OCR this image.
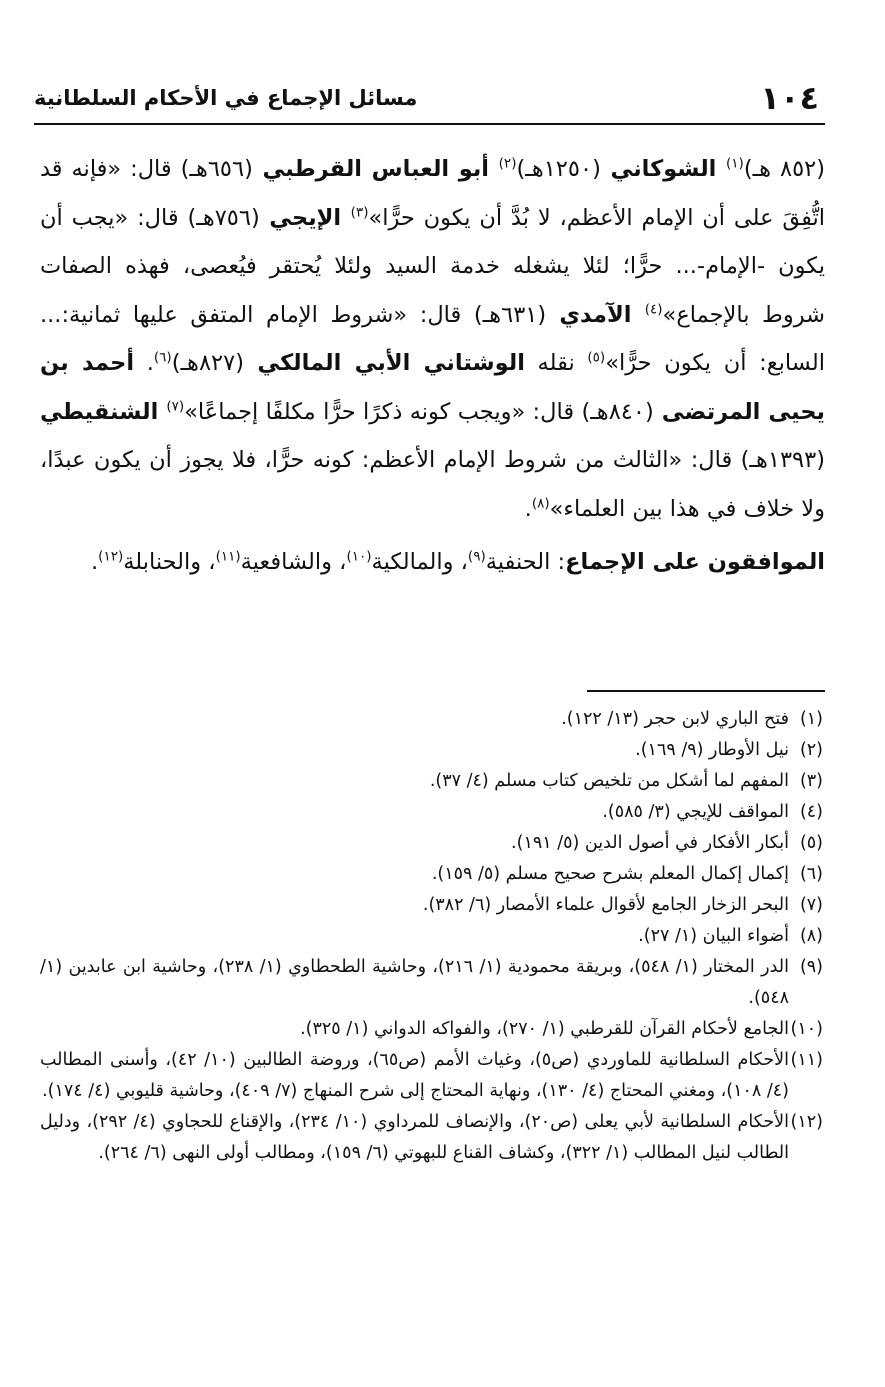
١٠٤
مسائل الإجماع في الأحكام السلطانية

(٨٥٢ هـ)$^{(١)}$ الشوكاني (١٢٥٠هـ)$^{(٢)}$ أبو العباس القرطبي (٦٥٦هـ) قال: «فإنه قد اتُّفِقَ على أن الإمام الأعظم، لا بُدَّ أن يكون حرًّا»$^{(٣)}$ الإيجي (٧٥٦هـ) قال: «يجب أن يكون -الإمام-... حرًّا؛ لئلا يشغله خدمة السيد ولئلا يُحتقر فيُعصى، فهذه الصفات شروط بالإجماع»$^{(٤)}$ الآمدي (٦٣١هـ) قال: «شروط الإمام المتفق عليها ثمانية:... السابع: أن يكون حرًّا»$^{(٥)}$ نقله الوشتاني الأبي المالكي (٨٢٧هـ)$^{(٦)}$. أحمد بن يحيى المرتضى (٨٤٠هـ) قال: «ويجب كونه ذكرًا حرًّا مكلفًا إجماعًا»$^{(٧)}$ الشنقيطي (١٣٩٣هـ) قال: «الثالث من شروط الإمام الأعظم: كونه حرًّا، فلا يجوز أن يكون عبدًا، ولا خلاف في هذا بين العلماء»$^{(٨)}$.

الموافقون على الإجماع: الحنفية$^{(٩)}$، والمالكية$^{(١٠)}$، والشافعية$^{(١١)}$، والحنابلة$^{(١٢)}$.

(١)
فتح الباري لابن حجر (١٣/ ١٢٢).
(٢)
نيل الأوطار (٩/ ١٦٩).
(٣)
المفهم لما أشكل من تلخيص كتاب مسلم (٤/ ٣٧).
(٤)
المواقف للإيجي (٣/ ٥٨٥).
(٥)
أبكار الأفكار في أصول الدين (٥/ ١٩١).
(٦)
إكمال إكمال المعلم بشرح صحيح مسلم (٥/ ١٥٩).
(٧)
البحر الزخار الجامع لأقوال علماء الأمصار (٦/ ٣٨٢).
(٨)
أضواء البيان (١/ ٢٧).
(٩)
الدر المختار (١/ ٥٤٨)، وبريقة محمودية (١/ ٢١٦)، وحاشية الطحطاوي (١/ ٢٣٨)، وحاشية ابن عابدين (١/ ٥٤٨).
(١٠)
الجامع لأحكام القرآن للقرطبي (١/ ٢٧٠)، والفواكه الدواني (١/ ٣٢٥).
(١١)
الأحكام السلطانية للماوردي (ص٥)، وغياث الأمم (ص٦٥)، وروضة الطالبين (١٠/ ٤٢)، وأسنى المطالب (٤/ ١٠٨)، ومغني المحتاج (٤/ ١٣٠)، ونهاية المحتاج إلى شرح المنهاج (٧/ ٤٠٩)، وحاشية قليوبي (٤/ ١٧٤).
(١٢)
الأحكام السلطانية لأبي يعلى (ص٢٠)، والإنصاف للمرداوي (١٠/ ٢٣٤)، والإقناع للحجاوي (٤/ ٢٩٢)، ودليل الطالب لنيل المطالب (١/ ٣٢٢)، وكشاف القناع للبهوتي (٦/ ١٥٩)، ومطالب أولى النهى (٦/ ٢٦٤).
